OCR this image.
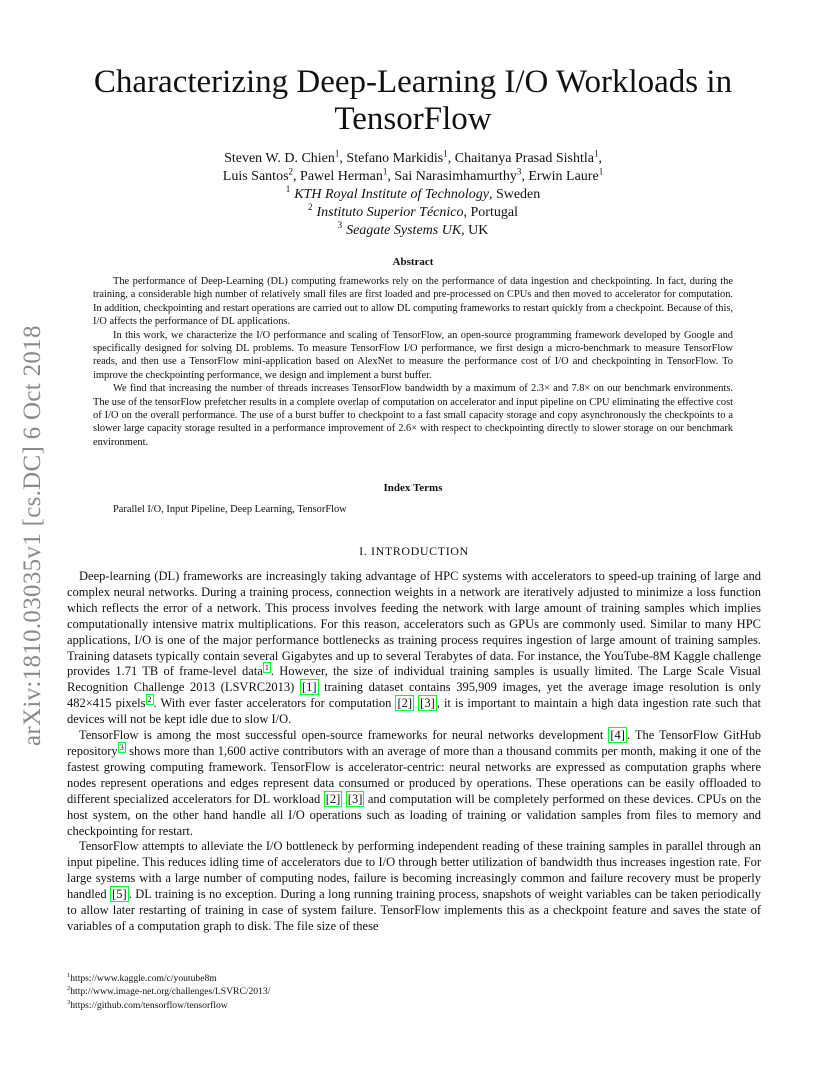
arXiv:1810.03035v1 [cs.DC] 6 Oct 2018
Characterizing Deep-Learning I/O Workloads in TensorFlow
Steven W. D. Chien$^1$, Stefano Markidis$^1$, Chaitanya Prasad Sishtla$^1$,
Luis Santos$^2$, Pawel Herman$^1$, Sai Narasimhamurthy$^3$, Erwin Laure$^1$
$^1$ KTH Royal Institute of Technology, Sweden
$^2$ Instituto Superior Técnico, Portugal
$^3$ Seagate Systems UK, UK
Abstract

The performance of Deep-Learning (DL) computing frameworks rely on the performance of data ingestion and checkpointing. In fact, during the training, a considerable high number of relatively small files are first loaded and pre-processed on CPUs and then moved to accelerator for computation. In addition, checkpointing and restart operations are carried out to allow DL computing frameworks to restart quickly from a checkpoint. Because of this, I/O affects the performance of DL applications.

In this work, we characterize the I/O performance and scaling of TensorFlow, an open-source programming framework developed by Google and specifically designed for solving DL problems. To measure TensorFlow I/O performance, we first design a micro-benchmark to measure TensorFlow reads, and then use a TensorFlow mini-application based on AlexNet to measure the performance cost of I/O and checkpointing in TensorFlow. To improve the checkpointing performance, we design and implement a burst buffer.

We find that increasing the number of threads increases TensorFlow bandwidth by a maximum of 2.3× and 7.8× on our benchmark environments. The use of the tensorFlow prefetcher results in a complete overlap of computation on accelerator and input pipeline on CPU eliminating the effective cost of I/O on the overall performance. The use of a burst buffer to checkpoint to a fast small capacity storage and copy asynchronously the checkpoints to a slower large capacity storage resulted in a performance improvement of 2.6× with respect to checkpointing directly to slower storage on our benchmark environment.

Index Terms
Parallel I/O, Input Pipeline, Deep Learning, TensorFlow
I. INTRODUCTION

Deep-learning (DL) frameworks are increasingly taking advantage of HPC systems with accelerators to speed-up training of large and complex neural networks. During a training process, connection weights in a network are iteratively adjusted to minimize a loss function which reflects the error of a network. This process involves feeding the network with large amount of training samples which implies computationally intensive matrix multiplications. For this reason, accelerators such as GPUs are commonly used. Similar to many HPC applications, I/O is one of the major performance bottlenecks as training process requires ingestion of large amount of training samples. Training datasets typically contain several Gigabytes and up to several Terabytes of data. For instance, the YouTube-8M Kaggle challenge provides 1.71 TB of frame-level data $^1$ . However, the size of individual training samples is usually limited. The Large Scale Visual Recognition Challenge 2013 (LSVRC2013) [1] training dataset contains 395,909 images, yet the average image resolution is only 482×415 pixels $^2$ . With ever faster accelerators for computation [2] [3] , it is important to maintain a high data ingestion rate such that devices will not be kept idle due to slow I/O.

TensorFlow is among the most successful open-source frameworks for neural networks development [4] . The TensorFlow GitHub repository $^3$ shows more than 1,600 active contributors with an average of more than a thousand commits per month, making it one of the fastest growing computing framework. TensorFlow is accelerator-centric: neural networks are expressed as computation graphs where nodes represent operations and edges represent data consumed or produced by operations. These operations can be easily offloaded to different specialized accelerators for DL workload [2] [3] and computation will be completely performed on these devices. CPUs on the host system, on the other hand handle all I/O operations such as loading of training or validation samples from files to memory and checkpointing for restart.

TensorFlow attempts to alleviate the I/O bottleneck by performing independent reading of these training samples in parallel through an input pipeline. This reduces idling time of accelerators due to I/O through better utilization of bandwidth thus increases ingestion rate. For large systems with a large number of computing nodes, failure is becoming increasingly common and failure recovery must be properly handled [5] . DL training is no exception. During a long running training process, snapshots of weight variables can be taken periodically to allow later restarting of training in case of system failure. TensorFlow implements this as a checkpoint feature and saves the state of variables of a computation graph to disk. The file size of these

$^1$https://www.kaggle.com/c/youtube8m
$^2$http://www.image-net.org/challenges/LSVRC/2013/
$^3$https://github.com/tensorflow/tensorflow
